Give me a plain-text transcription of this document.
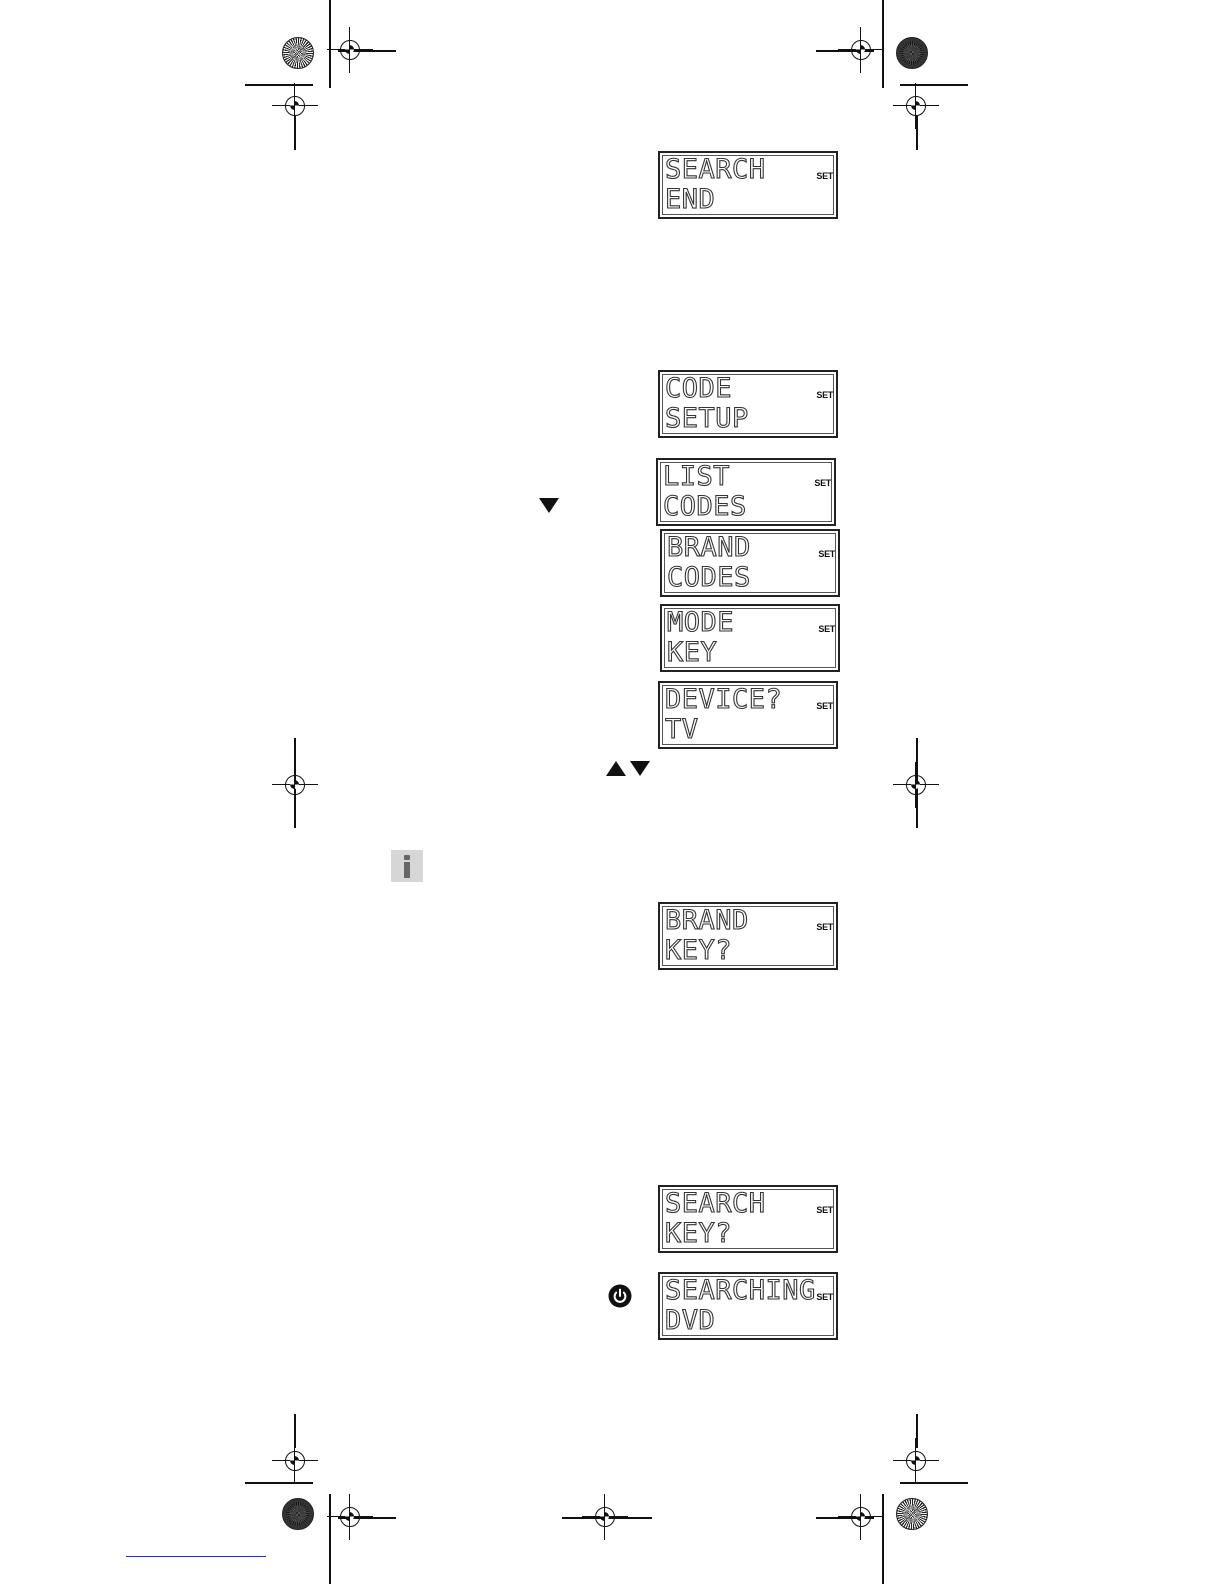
SEARCH
END
SET
CODE
SETUP
SET
LIST
CODES
SET
BRAND
CODES
SET
MODE
KEY
SET
DEVICE?
TV
SET
BRAND
KEY?
SET
SEARCH
KEY?
SET
SEARCHING
DVD
SET
